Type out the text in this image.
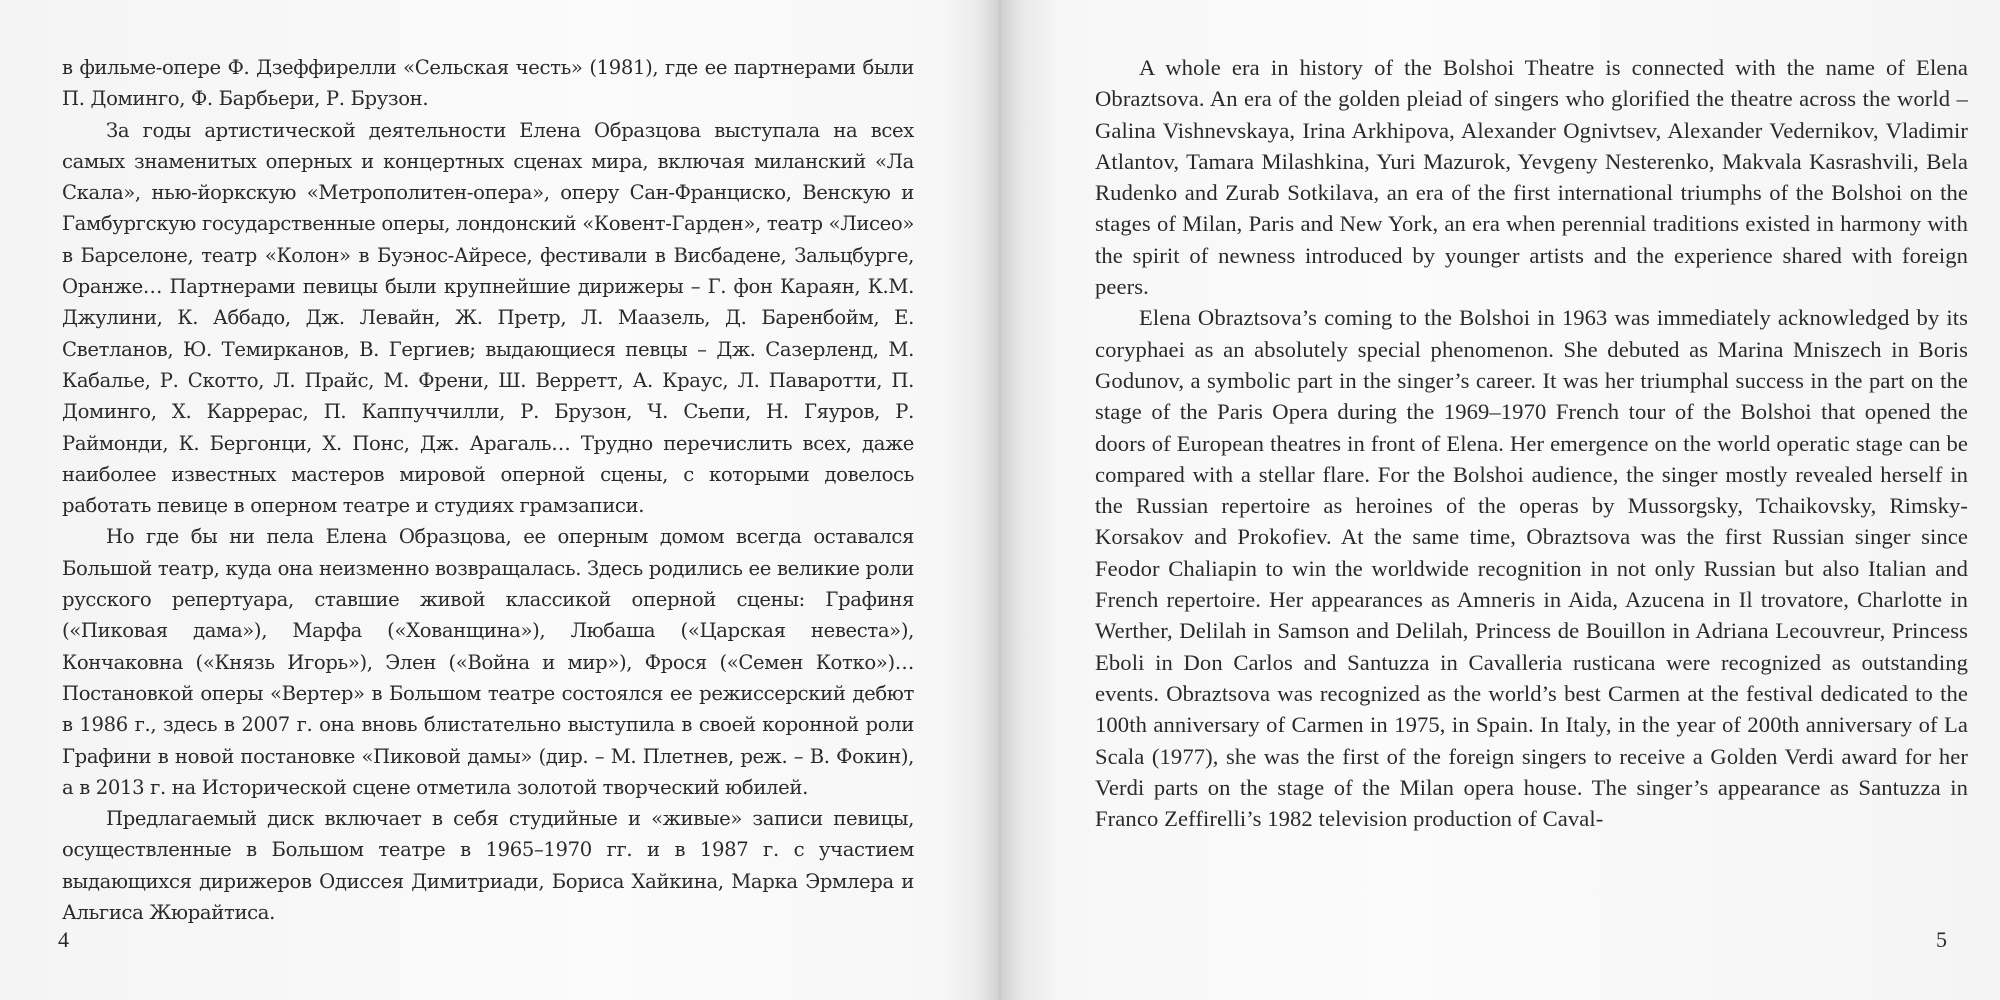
в фильме-опере Ф. Дзеффирелли «Сельская честь» (1981), где ее партнерами были П. Доминго, Ф. Барбьери, Р. Брузон.

За годы артистической деятельности Елена Образцова выступала на всех самых знаменитых оперных и концертных сценах мира, включая миланский «Ла Скала», нью-йоркскую «Метрополитен-опера», оперу Сан-Франциско, Венскую и Гамбургскую государственные оперы, лондонский «Ковент-Гарден», театр «Лисео» в Барселоне, театр «Колон» в Буэнос-Айресе, фестивали в Висбадене, Зальцбурге, Оранже… Партнерами певицы были крупнейшие дирижеры – Г. фон Караян, К.М. Джулини, К. Аббадо, Дж. Левайн, Ж. Претр, Л. Маазель, Д. Баренбойм, Е. Светланов, Ю. Темирканов, В. Гергиев; выдающиеся певцы – Дж. Сазерленд, М. Кабалье, Р. Скотто, Л. Прайс, М. Френи, Ш. Верретт, А. Краус, Л. Паваротти, П. Доминго, Х. Каррерас, П. Каппуччилли, Р. Брузон, Ч. Сьепи, Н. Гяуров, Р. Раймонди, К. Бергонци, Х. Понс, Дж. Арагаль… Трудно перечислить всех, даже наиболее известных мастеров мировой оперной сцены, с которыми довелось работать певице в оперном театре и студиях грамзаписи.

Но где бы ни пела Елена Образцова, ее оперным домом всегда оставался Большой театр, куда она неизменно возвращалась. Здесь родились ее великие роли русского репертуара, ставшие живой классикой оперной сцены: Графиня («Пиковая дама»), Марфа («Хованщина»), Любаша («Царская невеста»), Кончаковна («Князь Игорь»), Элен («Война и мир»), Фрося («Семен Котко»)… Постановкой оперы «Вертер» в Большом театре состоялся ее режиссерский дебют в 1986 г., здесь в 2007 г. она вновь блистательно выступила в своей коронной роли Графини в новой постановке «Пиковой дамы» (дир. – М. Плетнев, реж. – В. Фокин), а в 2013 г. на Исторической сцене отметила золотой творческий юбилей.

Предлагаемый диск включает в себя студийные и «живые» записи певицы, осуществленные в Большом театре в 1965–1970 гг. и в 1987 г. с участием выдающихся дирижеров Одиссея Димитриади, Бориса Хайкина, Марка Эрмлера и Альгиса Жюрайтиса.

4

A whole era in history of the Bolshoi Theatre is connected with the name of Elena Obraztsova. An era of the golden pleiad of singers who glorified the theatre across the world – Galina Vishnevskaya, Irina Arkhipova, Alexander Ognivtsev, Alexander Vedernikov, Vladimir Atlantov, Tamara Milashkina, Yuri Mazurok, Yevgeny Nesterenko, Makvala Kasrashvili, Bela Rudenko and Zurab Sotkilava, an era of the first international triumphs of the Bolshoi on the stages of Milan, Paris and New York, an era when perennial traditions existed in harmony with the spirit of newness introduced by younger artists and the experience shared with foreign peers.

Elena Obraztsova’s coming to the Bolshoi in 1963 was immediately acknowledged by its coryphaei as an absolutely special phenomenon. She debuted as Marina Mniszech in Boris Godunov, a symbolic part in the singer’s career. It was her triumphal success in the part on the stage of the Paris Opera during the 1969–1970 French tour of the Bolshoi that opened the doors of European theatres in front of Elena. Her emergence on the world operatic stage can be compared with a stellar flare. For the Bolshoi audience, the singer mostly revealed herself in the Russian repertoire as heroines of the operas by Mussorgsky, Tchaikovsky, Rimsky-Korsakov and Prokofiev. At the same time, Obraztsova was the first Russian singer since Feodor Chaliapin to win the worldwide recognition in not only Russian but also Italian and French repertoire. Her appearances as Amneris in Aida, Azucena in Il trovatore, Charlotte in Werther, Delilah in Samson and Delilah, Princess de Bouillon in Adriana Lecouvreur, Princess Eboli in Don Carlos and Santuzza in Cavalleria rusticana were recognized as outstanding events. Obraztsova was recognized as the world’s best Carmen at the festival dedicated to the 100th anniversary of Carmen in 1975, in Spain. In Italy, in the year of 200th anniversary of La Scala (1977), she was the first of the foreign singers to receive a Golden Verdi award for her Verdi parts on the stage of the Milan opera house. The singer’s appearance as Santuzza in Franco Zeffirelli’s 1982 television production of Caval-

5
